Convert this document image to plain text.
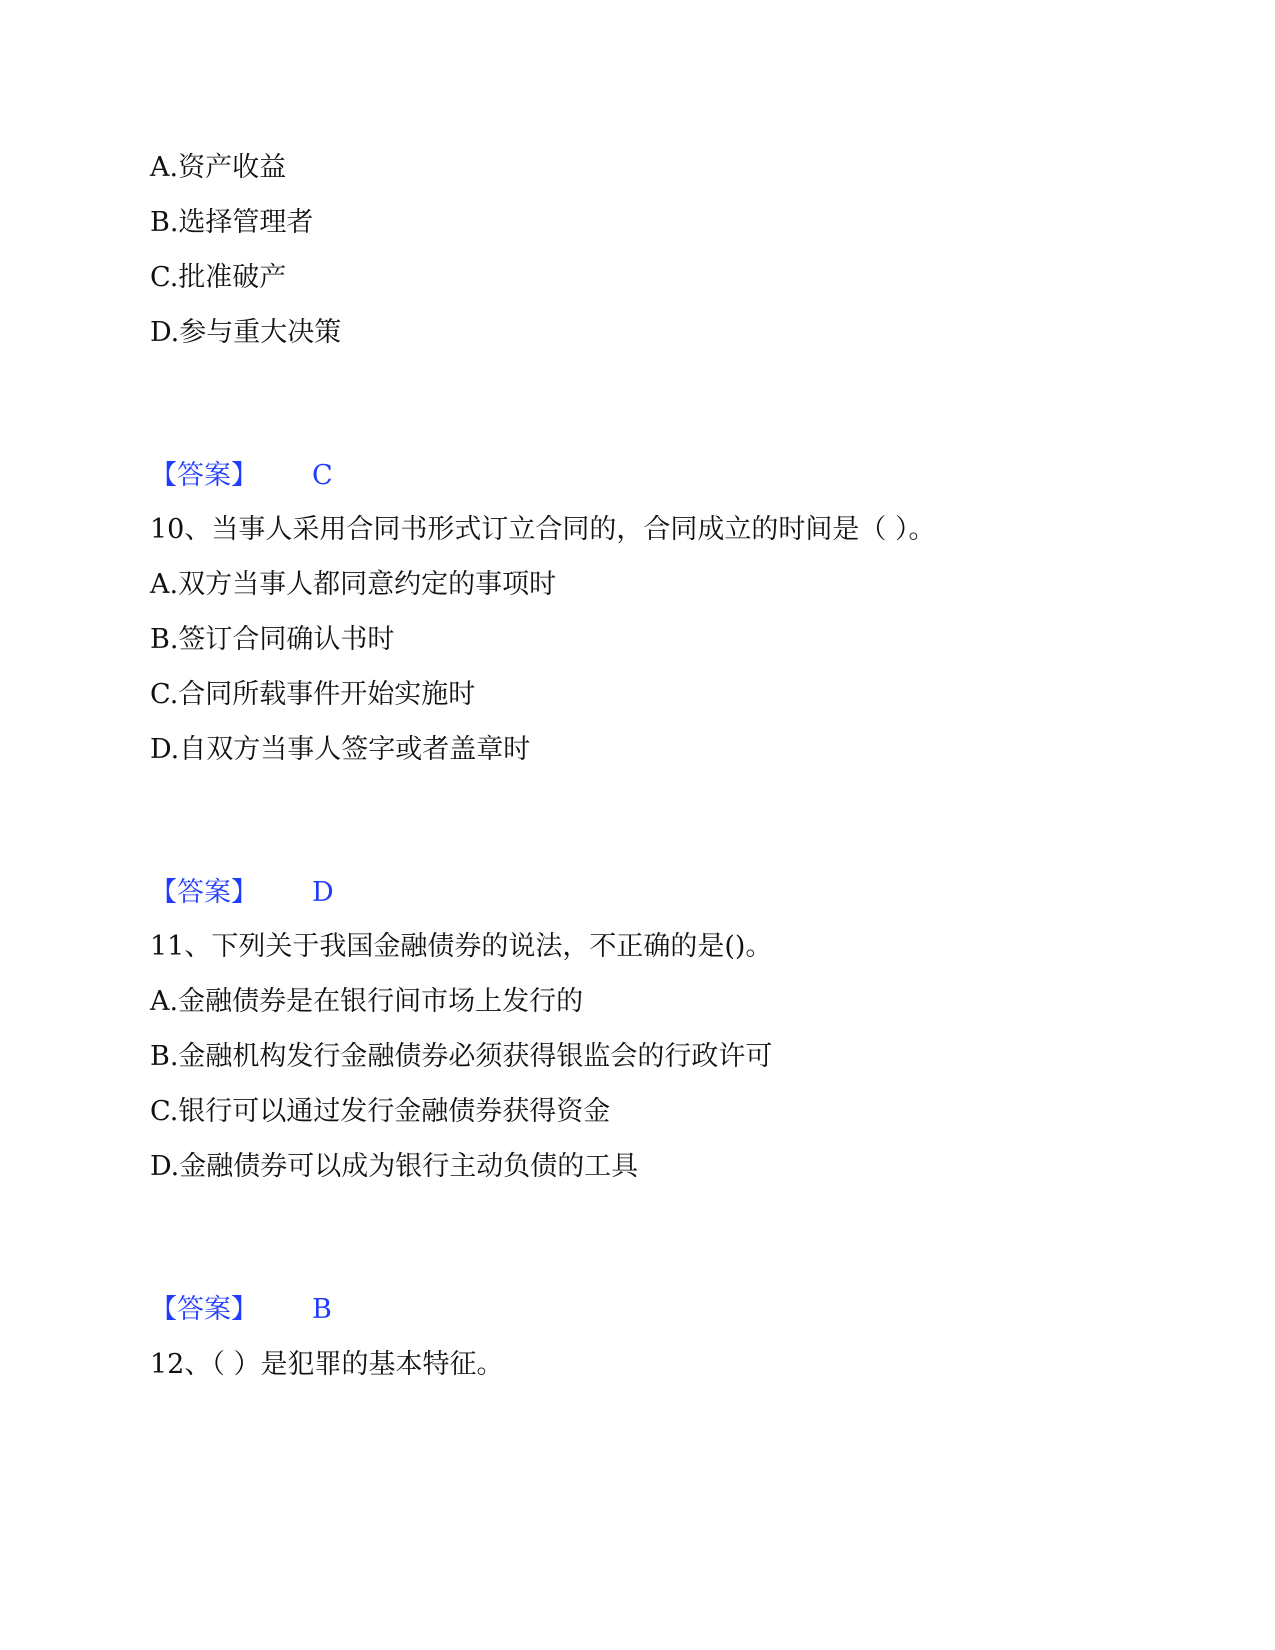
A.资产收益
B.选择管理者
C.批准破产
D.参与重大决策
【答案】 C
10、当事人采用合同书形式订立合同的，合同成立的时间是（ ）。
A.双方当事人都同意约定的事项时
B.签订合同确认书时
C.合同所载事件开始实施时
D.自双方当事人签字或者盖章时
【答案】 D
11、下列关于我国金融债券的说法，不正确的是()。
A.金融债券是在银行间市场上发行的
B.金融机构发行金融债券必须获得银监会的行政许可
C.银行可以通过发行金融债券获得资金
D.金融债券可以成为银行主动负债的工具
【答案】 B
12、（ ）是犯罪的基本特征。
